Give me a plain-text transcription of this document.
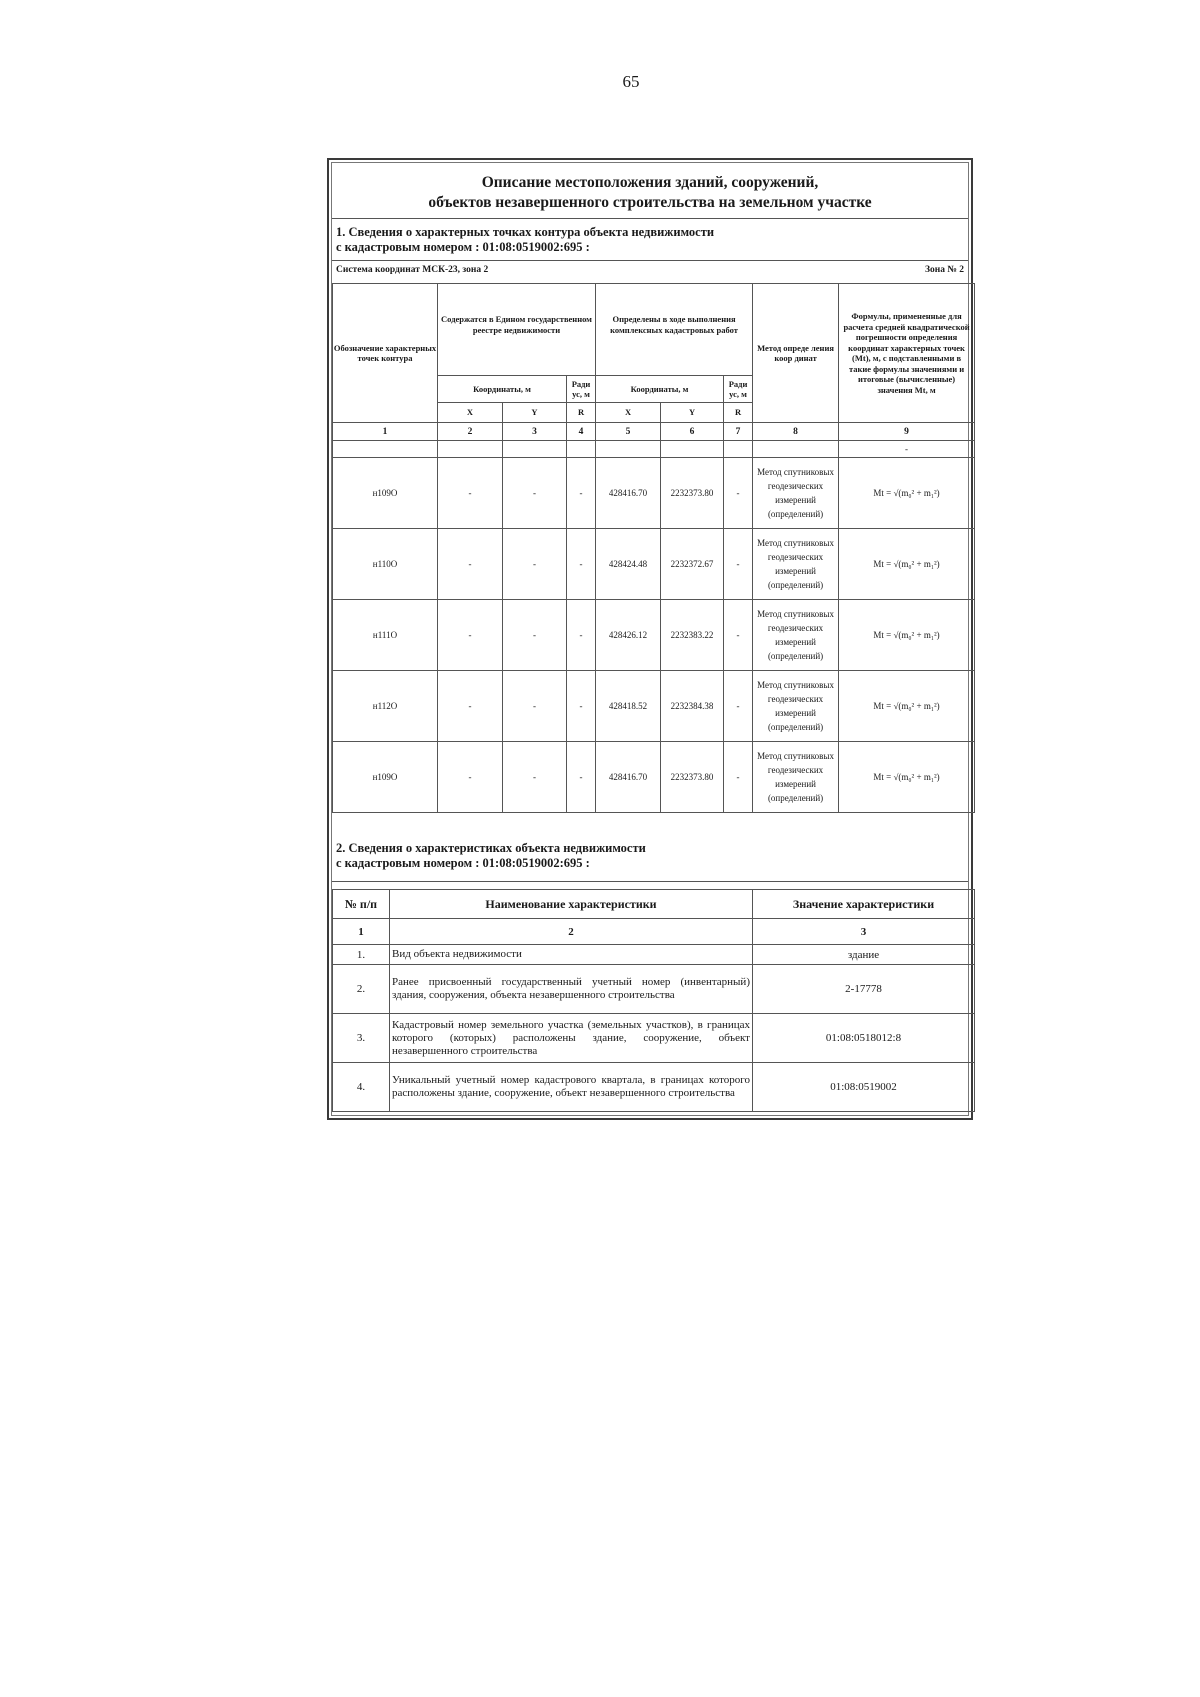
65
Описание местоположения зданий, сооружений,
объектов незавершенного строительства на земельном участке
1. Сведения о характерных точках контура объекта недвижимости
с кадастровым номером : 01:08:0519002:695 :
Система координат МСК-23, зона 2	Зона № 2
Обозначение характерных точек контура	Содержатся в Едином государственном реестре недвижимости			Определены в ходе выполнения комплексных кадастровых работ			Метод опреде ления коор динат	Формулы, примененные для расчета средней квадратической погрешности определения координат характерных точек (Mt), м, с подставленными в такие формулы значениями и итоговые (вычисленные) значения Mt, м
	Координаты, м		Ради ус, м	Координаты, м		Ради ус, м		
	X	Y	R	X	Y	R		
1	2	3	4	5	6	7	8	9
								-
н109О	-	-	-	428416.70	2232373.80	-	Метод спутниковых геодезических измерений (определений)	Mt = √(m₀² + m₁²)
н110О	-	-	-	428424.48	2232372.67	-	Метод спутниковых геодезических измерений (определений)	Mt = √(m₀² + m₁²)
н111О	-	-	-	428426.12	2232383.22	-	Метод спутниковых геодезических измерений (определений)	Mt = √(m₀² + m₁²)
н112О	-	-	-	428418.52	2232384.38	-	Метод спутниковых геодезических измерений (определений)	Mt = √(m₀² + m₁²)
н109О	-	-	-	428416.70	2232373.80	-	Метод спутниковых геодезических измерений (определений)	Mt = √(m₀² + m₁²)
2. Сведения о характеристиках объекта недвижимости
с кадастровым номером : 01:08:0519002:695 :
№ п/п	Наименование характеристики	Значение характеристики
1	2	3
1.	Вид объекта недвижимости	здание
2.	Ранее присвоенный государственный учетный номер (инвентарный) здания, сооружения, объекта незавершенного строительства	2-17778
3.	Кадастровый номер земельного участка (земельных участков), в границах которого (которых) расположены здание, сооружение, объект незавершенного строительства	01:08:0518012:8
4.	Уникальный учетный номер кадастрового квартала, в границах которого расположены здание, сооружение, объект незавершенного строительства	01:08:0519002
